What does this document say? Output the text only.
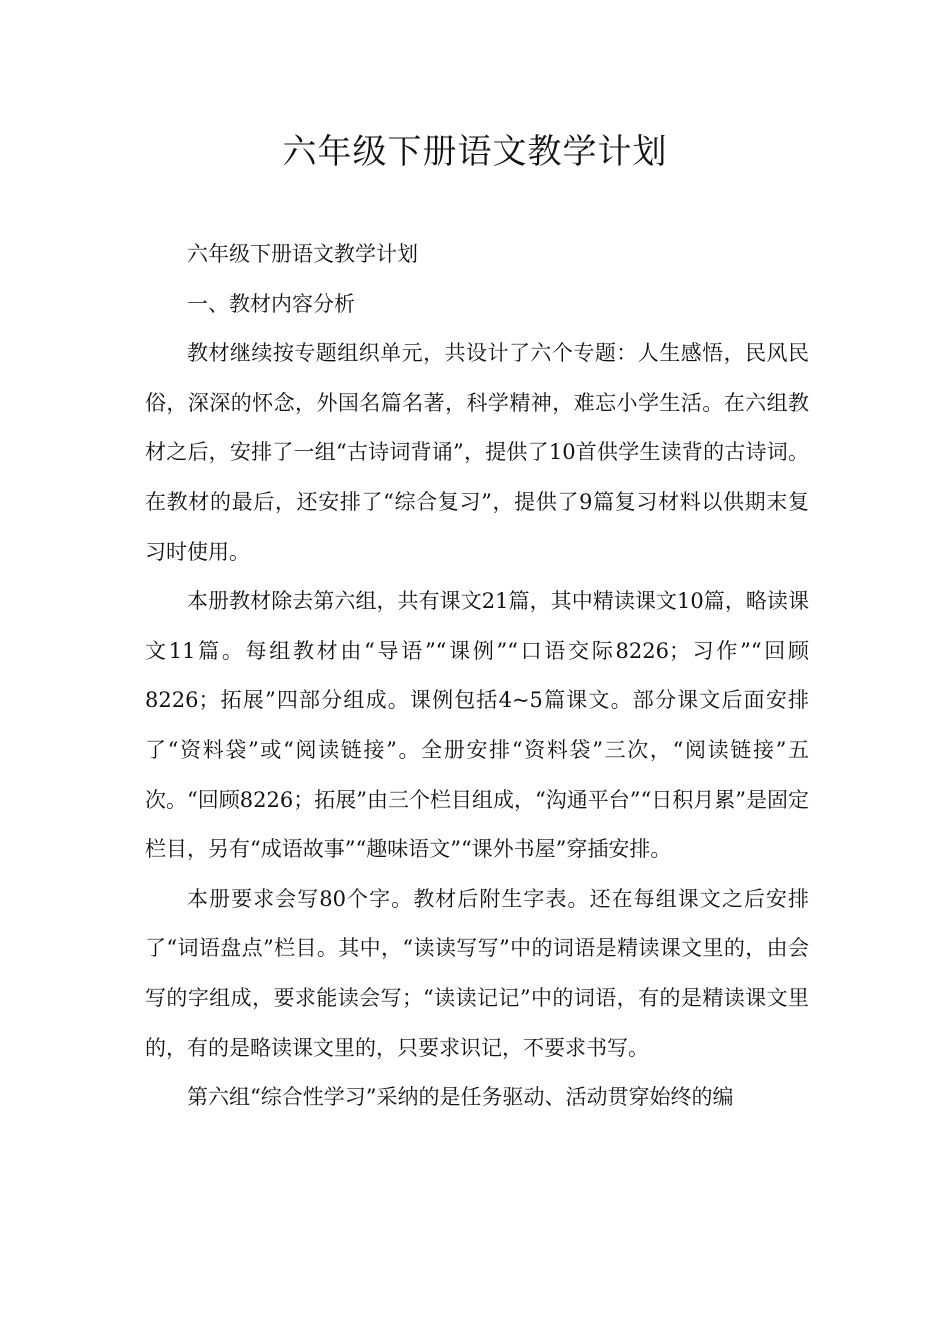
六年级下册语文教学计划

六年级下册语文教学计划

一、教材内容分析

教材继续按专题组织单元，共设计了六个专题：人生感悟，民风民俗，深深的怀念，外国名篇名著，科学精神，难忘小学生活。在六组教材之后，安排了一组“古诗词背诵”，提供了10首供学生读背的古诗词。在教材的最后，还安排了“综合复习”，提供了9篇复习材料以供期末复习时使用。

本册教材除去第六组，共有课文21篇，其中精读课文10篇，略读课文11篇。每组教材由“导语”“课例”“口语交际8226；习作”“回顾8226；拓展”四部分组成。课例包括4~5篇课文。部分课文后面安排了“资料袋”或“阅读链接”。全册安排“资料袋”三次，“阅读链接”五次。“回顾8226；拓展”由三个栏目组成，“沟通平台”“日积月累”是固定栏目，另有“成语故事”“趣味语文”“课外书屋”穿插安排。

本册要求会写80个字。教材后附生字表。还在每组课文之后安排了“词语盘点”栏目。其中，“读读写写”中的词语是精读课文里的，由会写的字组成，要求能读会写；“读读记记”中的词语，有的是精读课文里的，有的是略读课文里的，只要求识记，不要求书写。

第六组“综合性学习”采纳的是任务驱动、活动贯穿始终的编
